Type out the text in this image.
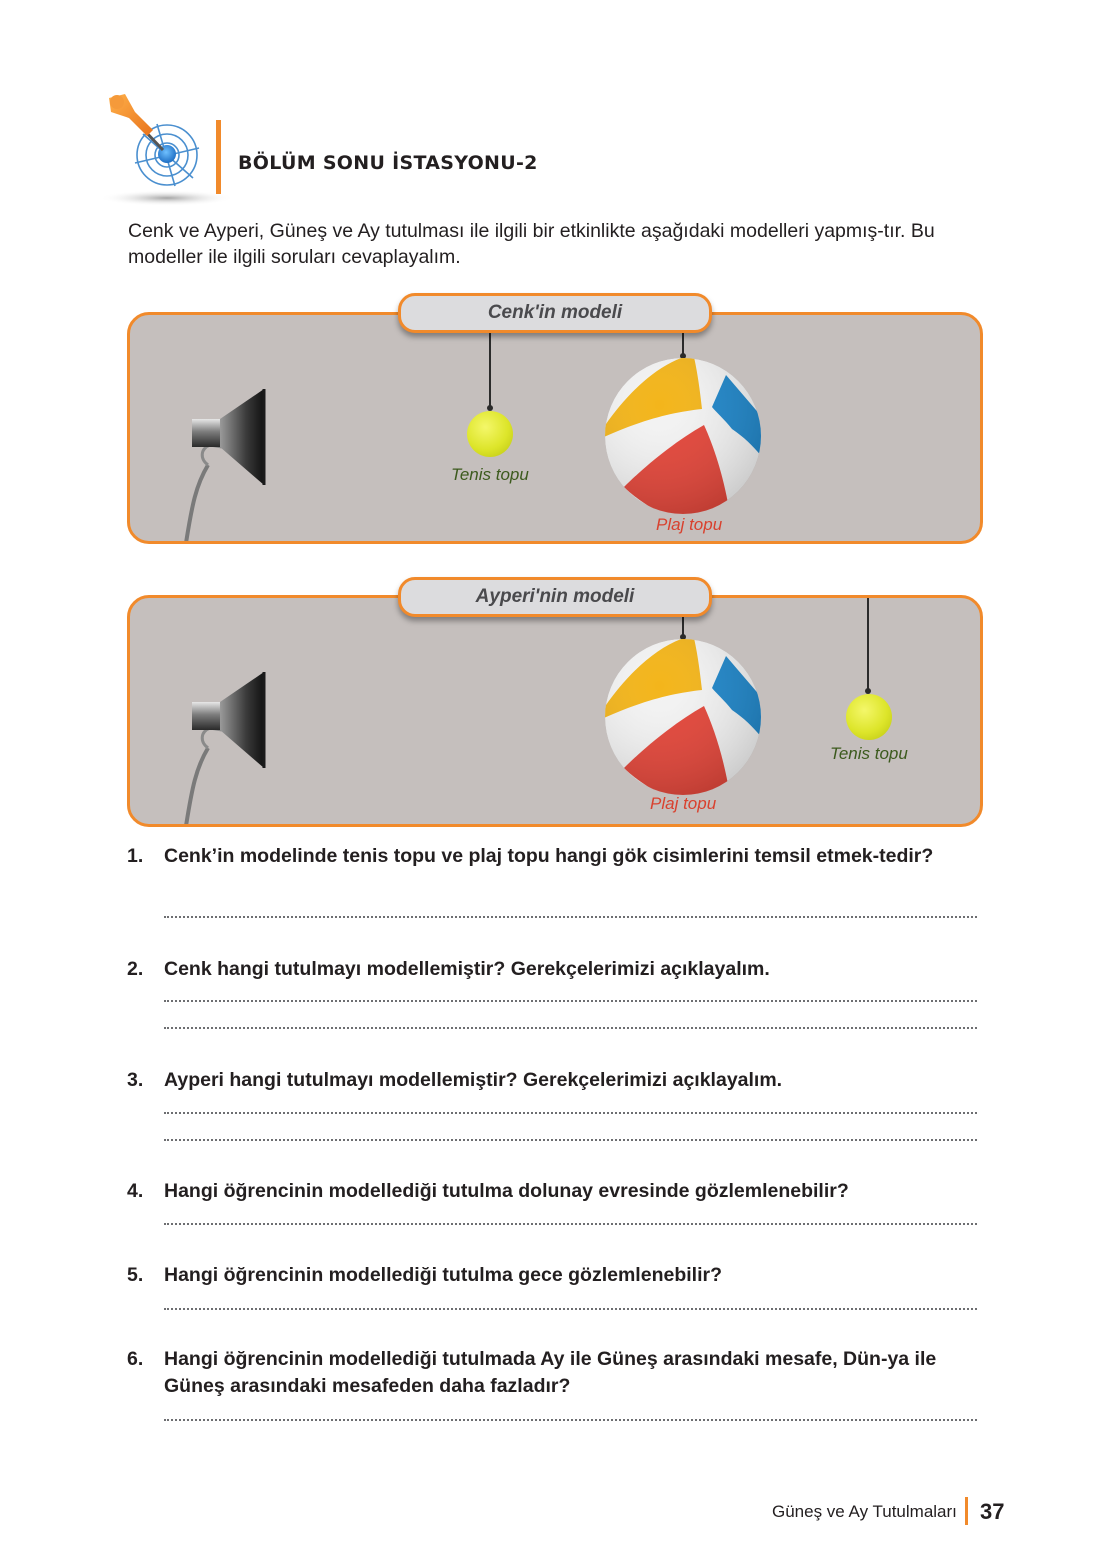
BÖLÜM SONU İSTASYONU-2
Cenk ve Ayperi, Güneş ve Ay tutulması ile ilgili bir etkinlikte aşağıdaki modelleri yapmış-tır. Bu modeller ile ilgili soruları cevaplayalım.
Cenk'in modeli
Tenis topu
Plaj topu
Ayperi'nin modeli
Plaj topu
Tenis topu
1.	Cenk’in modelinde tenis topu ve plaj topu hangi gök cisimlerini temsil etmek-tedir?
2.	Cenk hangi tutulmayı modellemiştir? Gerekçelerimizi açıklayalım.
3.	Ayperi hangi tutulmayı modellemiştir? Gerekçelerimizi açıklayalım.
4.	Hangi öğrencinin modellediği tutulma dolunay evresinde gözlemlenebilir?
5.	Hangi öğrencinin modellediği tutulma gece gözlemlenebilir?
6.	Hangi öğrencinin modellediği tutulmada Ay ile Güneş arasındaki mesafe, Dün-ya ile Güneş arasındaki mesafeden daha fazladır?
Güneş ve Ay Tutulmaları 37
